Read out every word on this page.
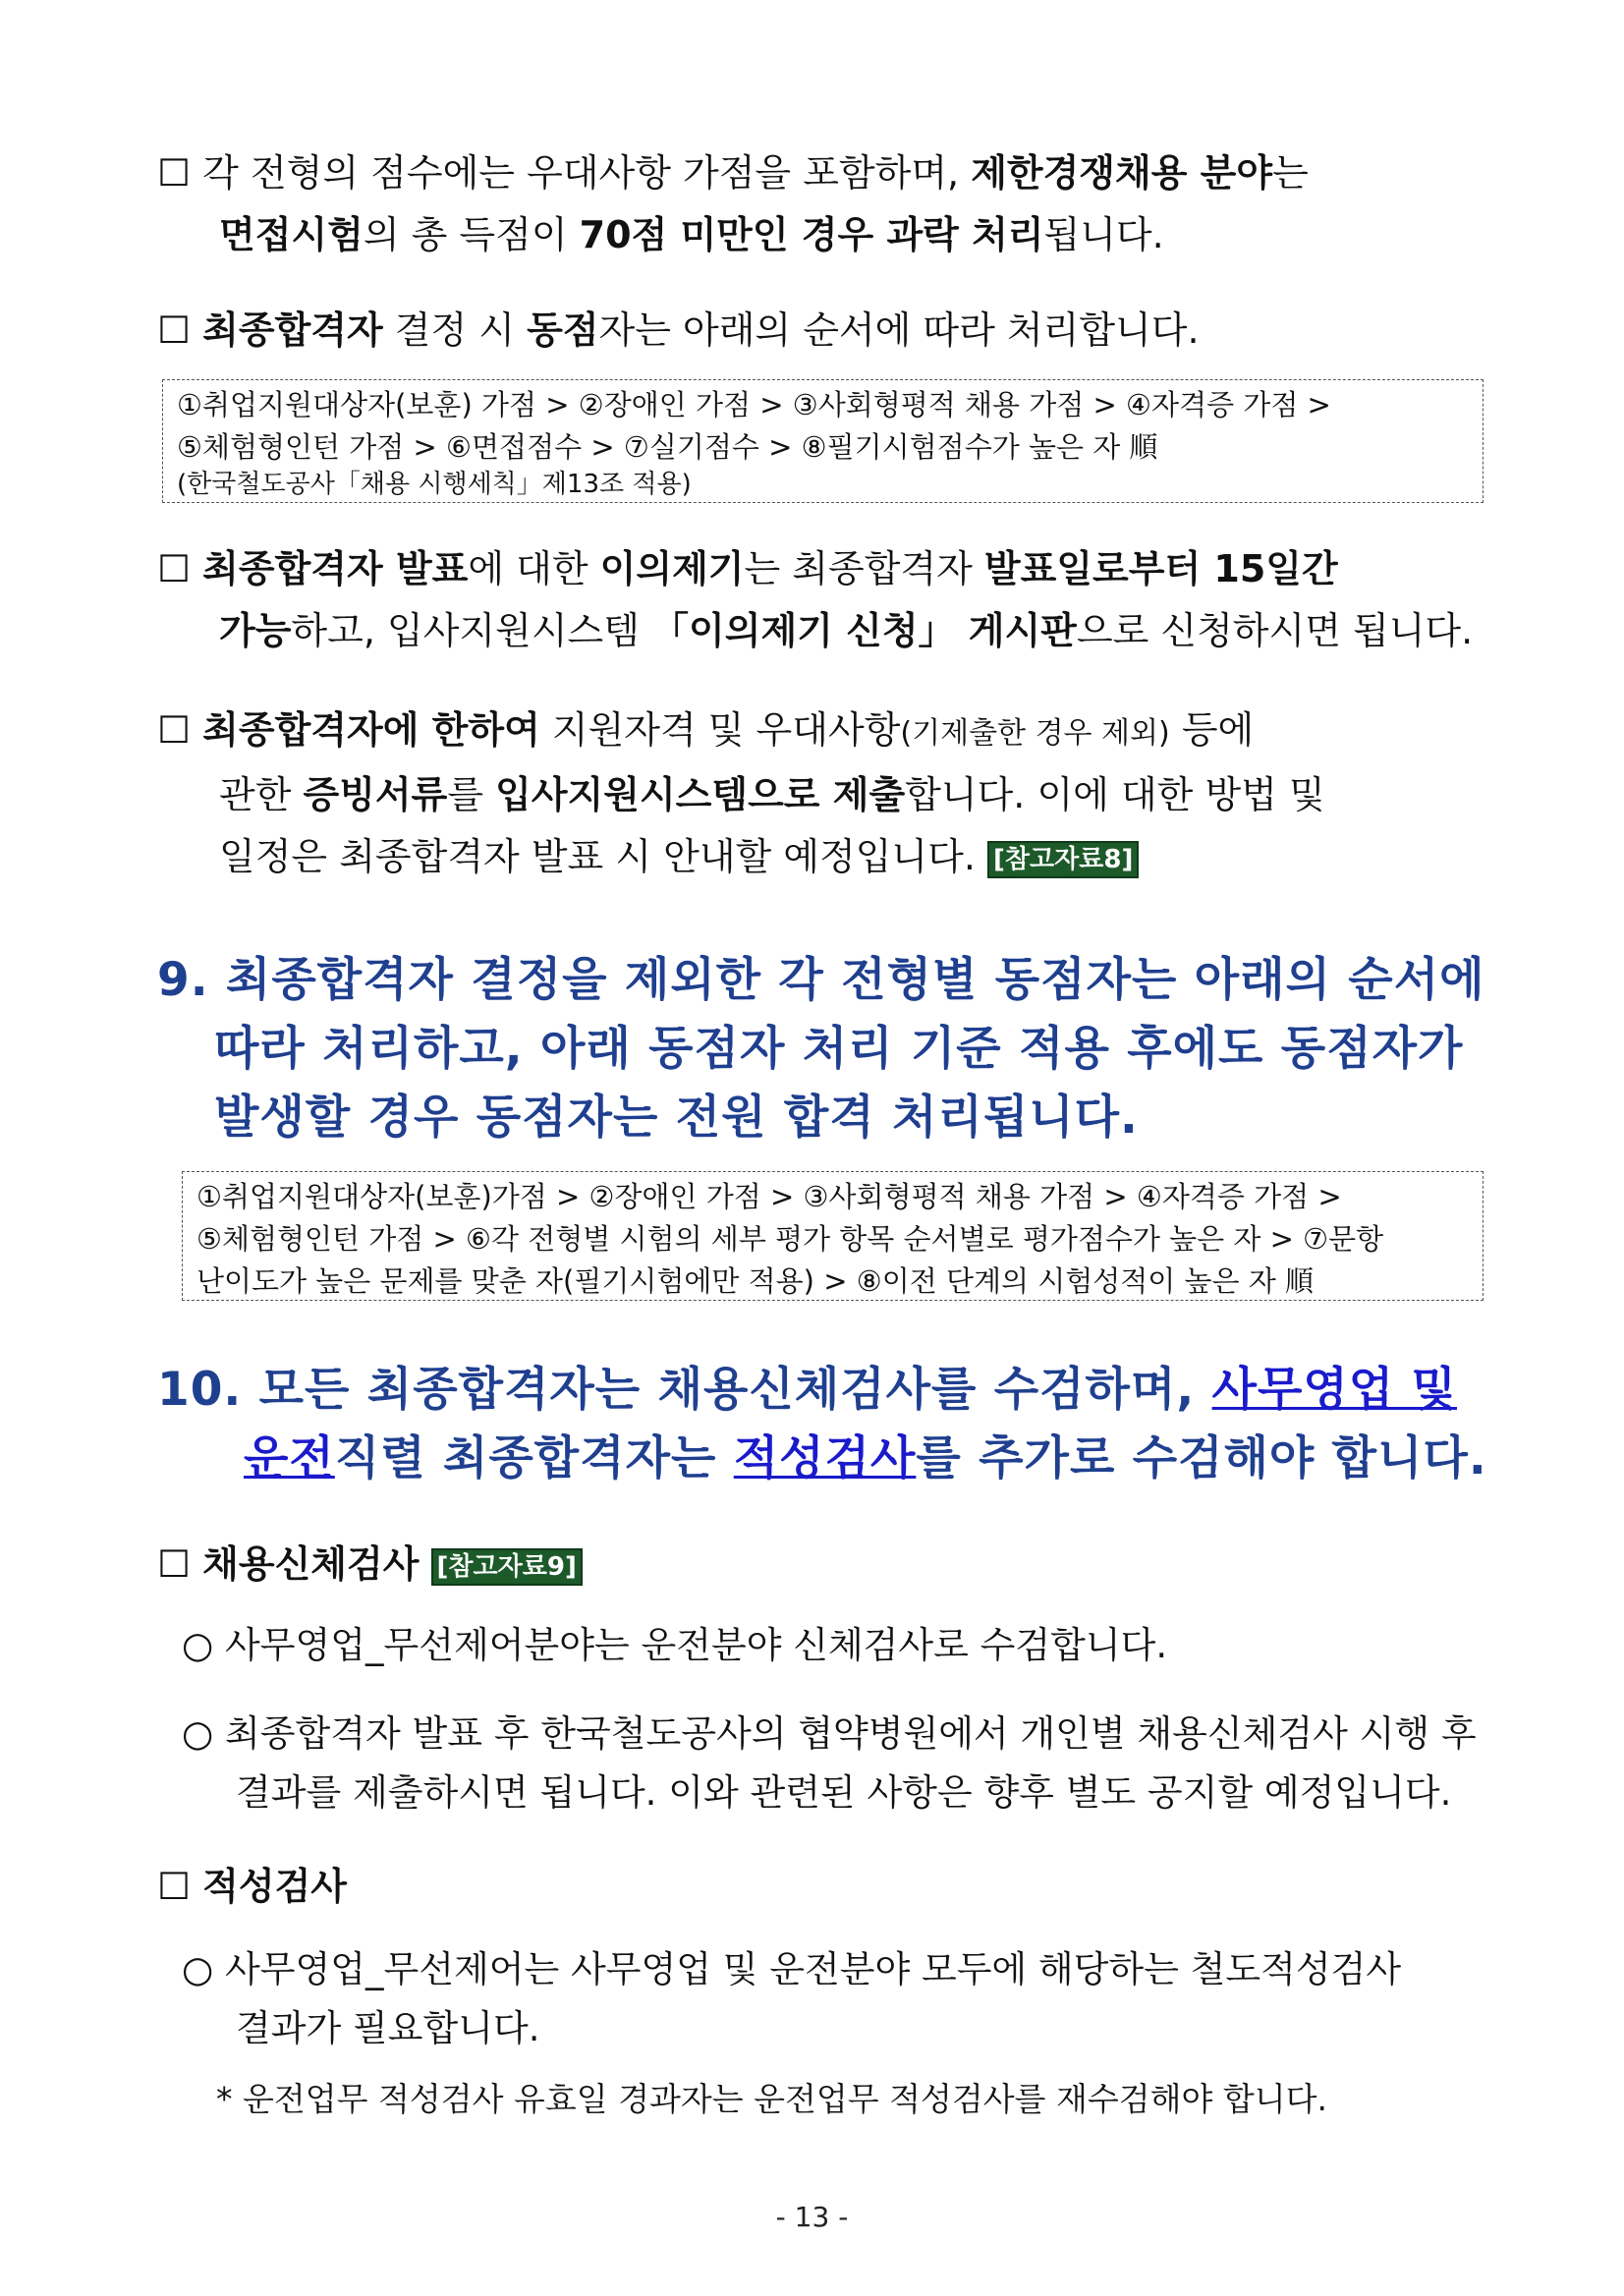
☐ 각 전형의 점수에는 우대사항 가점을 포함하며, 제한경쟁채용 분야는
면접시험의 총 득점이 70점 미만인 경우 과락 처리됩니다.
☐ 최종합격자 결정 시 동점자는 아래의 순서에 따라 처리합니다.
①취업지원대상자(보훈) 가점 > ②장애인 가점 > ③사회형평적 채용 가점 > ④자격증 가점 >
⑤체험형인턴 가점 > ⑥면접점수 > ⑦실기점수 > ⑧필기시험점수가 높은 자 順
(한국철도공사「채용 시행세칙」제13조 적용)
☐ 최종합격자 발표에 대한 이의제기는 최종합격자 발표일로부터 15일간
가능하고, 입사지원시스템 「이의제기 신청」 게시판으로 신청하시면 됩니다.
☐ 최종합격자에 한하여 지원자격 및 우대사항(기제출한 경우 제외) 등에
관한 증빙서류를 입사지원시스템으로 제출합니다. 이에 대한 방법 및
일정은 최종합격자 발표 시 안내할 예정입니다. [참고자료8]
9. 최종합격자 결정을 제외한 각 전형별 동점자는 아래의 순서에
따라 처리하고, 아래 동점자 처리 기준 적용 후에도 동점자가
발생할 경우 동점자는 전원 합격 처리됩니다.
①취업지원대상자(보훈)가점 > ②장애인 가점 > ③사회형평적 채용 가점 > ④자격증 가점 >
⑤체험형인턴 가점 > ⑥각 전형별 시험의 세부 평가 항목 순서별로 평가점수가 높은 자 > ⑦문항
난이도가 높은 문제를 맞춘 자(필기시험에만 적용) > ⑧이전 단계의 시험성적이 높은 자 順
10. 모든 최종합격자는 채용신체검사를 수검하며, 사무영업 및
운전직렬 최종합격자는 적성검사를 추가로 수검해야 합니다.
☐ 채용신체검사 [참고자료9]
○ 사무영업_무선제어분야는 운전분야 신체검사로 수검합니다.
○ 최종합격자 발표 후 한국철도공사의 협약병원에서 개인별 채용신체검사 시행 후
결과를 제출하시면 됩니다. 이와 관련된 사항은 향후 별도 공지할 예정입니다.
☐ 적성검사
○ 사무영업_무선제어는 사무영업 및 운전분야 모두에 해당하는 철도적성검사
결과가 필요합니다.
* 운전업무 적성검사 유효일 경과자는 운전업무 적성검사를 재수검해야 합니다.
- 13 -
